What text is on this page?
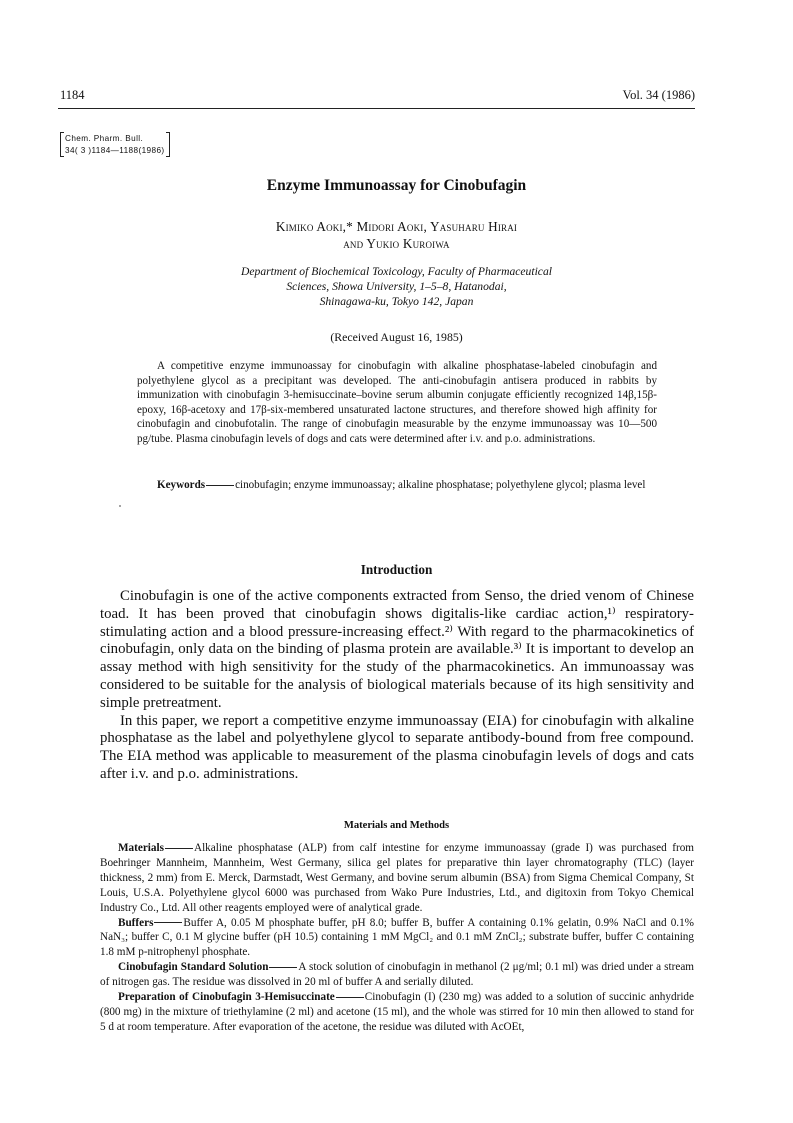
1184	Vol. 34 (1986)
Chem. Pharm. Bull.
34( 3 )1184—1188(1986)
Enzyme Immunoassay for Cinobufagin
Kimiko Aoki,* Midori Aoki, Yasuharu Hirai
and Yukio Kuroiwa
Department of Biochemical Toxicology, Faculty of Pharmaceutical
Sciences, Showa University, 1–5–8, Hatanodai,
Shinagawa-ku, Tokyo 142, Japan
(Received August 16, 1985)
A competitive enzyme immunoassay for cinobufagin with alkaline phosphatase-labeled cinobufagin and polyethylene glycol as a precipitant was developed. The anti-cinobufagin antisera produced in rabbits by immunization with cinobufagin 3-hemisuccinate–bovine serum albumin conjugate efficiently recognized 14β,15β-epoxy, 16β-acetoxy and 17β-six-membered unsaturated lactone structures, and therefore showed high affinity for cinobufagin and cinobufotalin. The range of cinobufagin measurable by the enzyme immunoassay was 10—500 pg/tube. Plasma cinobufagin levels of dogs and cats were determined after i.v. and p.o. administrations.
Keywords	cinobufagin; enzyme immunoassay; alkaline phosphatase; polyethylene glycol; plasma level
Introduction

Cinobufagin is one of the active components extracted from Senso, the dried venom of Chinese toad. It has been proved that cinobufagin shows digitalis-like cardiac action,¹⁾ respiratory-stimulating action and a blood pressure-increasing effect.²⁾ With regard to the pharmacokinetics of cinobufagin, only data on the binding of plasma protein are available.³⁾ It is important to develop an assay method with high sensitivity for the study of the pharmacokinetics. An immunoassay was considered to be suitable for the analysis of biological materials because of its high sensitivity and simple pretreatment.

In this paper, we report a competitive enzyme immunoassay (EIA) for cinobufagin with alkaline phosphatase as the label and polyethylene glycol to separate antibody-bound from free compound. The EIA method was applicable to measurement of the plasma cinobufagin levels of dogs and cats after i.v. and p.o. administrations.

Materials and Methods

Materials	Alkaline phosphatase (ALP) from calf intestine for enzyme immunoassay (grade I) was purchased from Boehringer Mannheim, Mannheim, West Germany, silica gel plates for preparative thin layer chromatography (TLC) (layer thickness, 2 mm) from E. Merck, Darmstadt, West Germany, and bovine serum albumin (BSA) from Sigma Chemical Company, St Louis, U.S.A. Polyethylene glycol 6000 was purchased from Wako Pure Industries, Ltd., and digitoxin from Tokyo Chemical Industry Co., Ltd. All other reagents employed were of analytical grade.

Buffers	Buffer A, 0.05 M phosphate buffer, pH 8.0; buffer B, buffer A containing 0.1% gelatin, 0.9% NaCl and 0.1% NaN₃; buffer C, 0.1 M glycine buffer (pH 10.5) containing 1 mM MgCl₂ and 0.1 mM ZnCl₂; substrate buffer, buffer C containing 1.8 mM p-nitrophenyl phosphate.

Cinobufagin Standard Solution	A stock solution of cinobufagin in methanol (2 μg/ml; 0.1 ml) was dried under a stream of nitrogen gas. The residue was dissolved in 20 ml of buffer A and serially diluted.

Preparation of Cinobufagin 3-Hemisuccinate	Cinobufagin (I) (230 mg) was added to a solution of succinic anhydride (800 mg) in the mixture of triethylamine (2 ml) and acetone (15 ml), and the whole was stirred for 10 min then allowed to stand for 5 d at room temperature. After evaporation of the acetone, the residue was diluted with AcOEt,
